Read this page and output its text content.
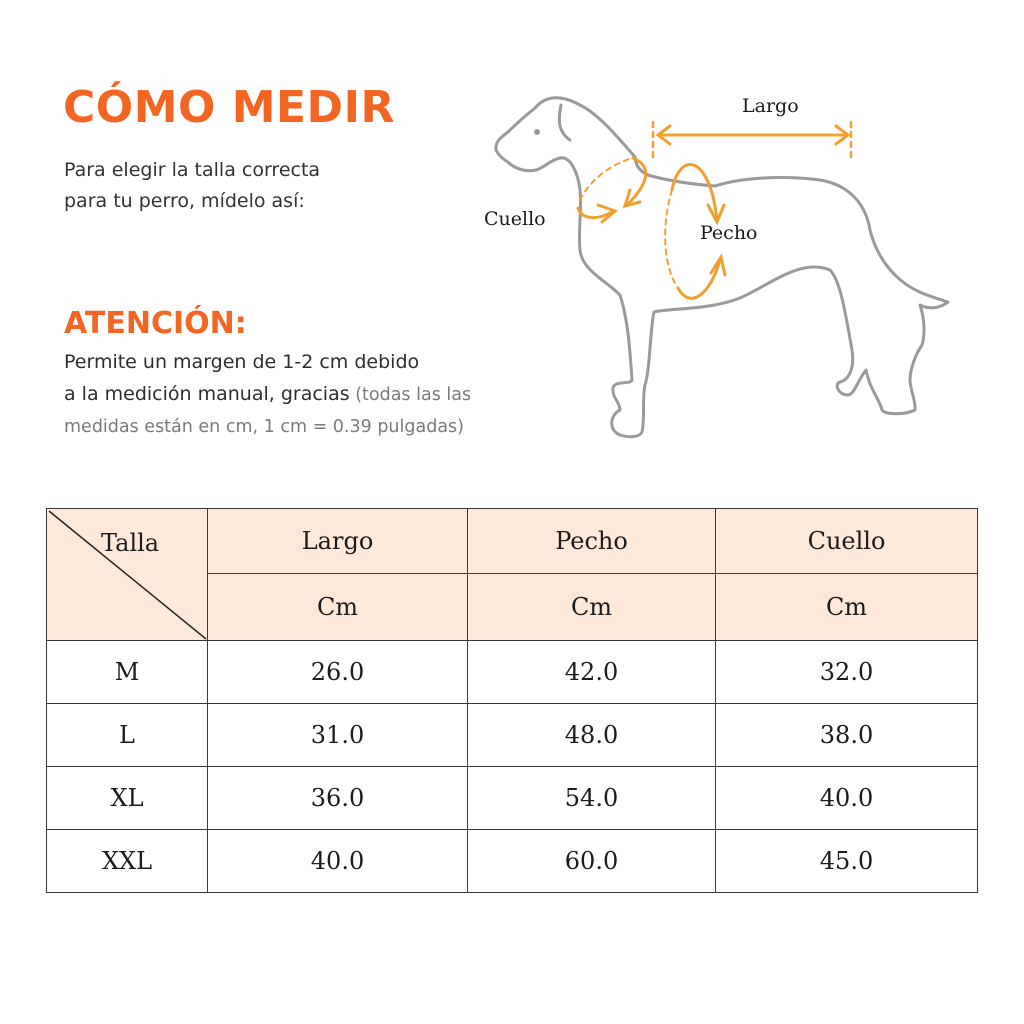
CÓMO MEDIR
Para elegir la talla correcta
para tu perro, mídelo así:
ATENCIÓN:
Permite un margen de 1-2 cm debido
a la medición manual, gracias (todas las las
medidas están en cm, 1 cm = 0.39 pulgadas)
Largo
Cuello
Pecho
Talla	Largo	Pecho	Cuello
	Cm	Cm	Cm
M	26.0	42.0	32.0
L	31.0	48.0	38.0
XL	36.0	54.0	40.0
XXL	40.0	60.0	45.0
